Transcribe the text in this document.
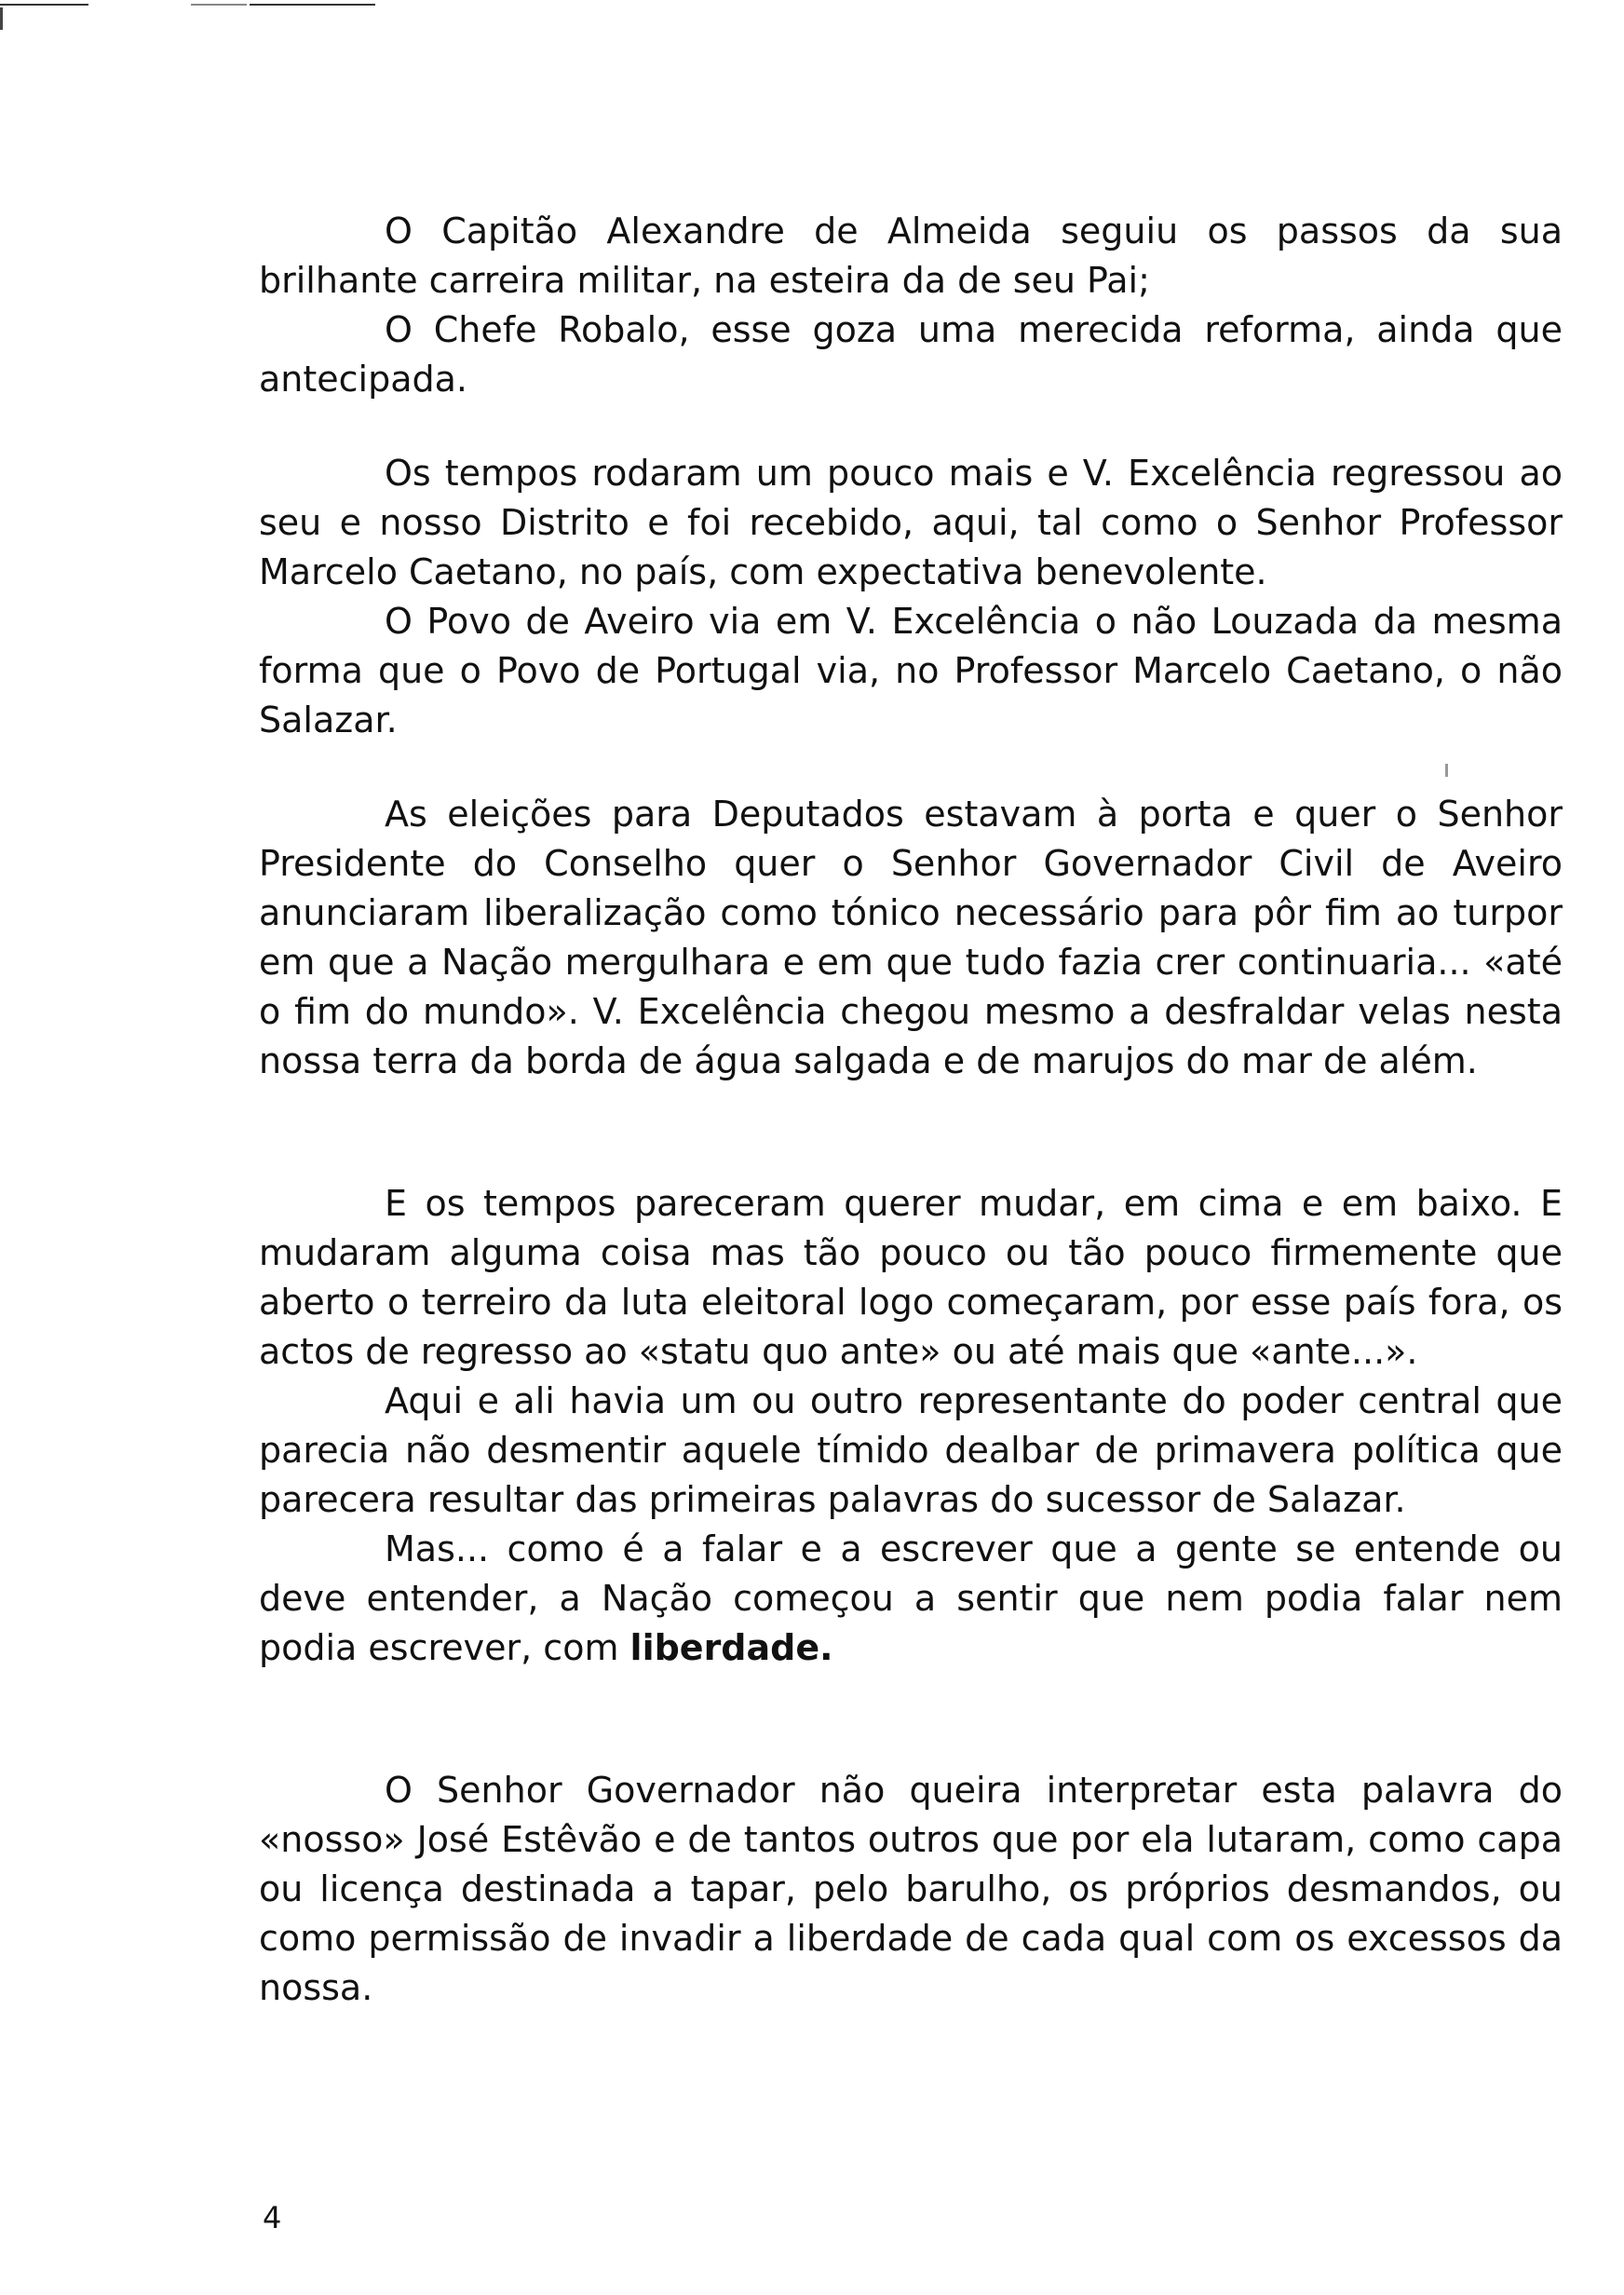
O Capitão Alexandre de Almeida seguiu os passos da sua brilhante carreira militar, na esteira da de seu Pai;

O Chefe Robalo, esse goza uma merecida reforma, ainda que antecipada.

Os tempos rodaram um pouco mais e V. Excelência regressou ao seu e nosso Distrito e foi recebido, aqui, tal como o Senhor Professor Marcelo Caetano, no país, com expectativa benevolente.

O Povo de Aveiro via em V. Excelência o não Louzada da mesma forma que o Povo de Portugal via, no Professor Marcelo Caetano, o não Salazar.

As eleições para Deputados estavam à porta e quer o Senhor Presidente do Conselho quer o Senhor Governador Civil de Aveiro anunciaram liberalização como tónico necessário para pôr fim ao turpor em que a Nação mergulhara e em que tudo fazia crer continuaria... «até o fim do mundo». V. Excelência chegou mesmo a desfraldar velas nesta nossa terra da borda de água salgada e de marujos do mar de além.

E os tempos pareceram querer mudar, em cima e em baixo. E mudaram alguma coisa mas tão pouco ou tão pouco firmemente que aberto o terreiro da luta eleitoral logo começaram, por esse país fora, os actos de regresso ao «statu quo ante» ou até mais que «ante...».

Aqui e ali havia um ou outro representante do poder central que parecia não desmentir aquele tímido dealbar de primavera política que parecera resultar das primeiras palavras do sucessor de Salazar.

Mas... como é a falar e a escrever que a gente se entende ou deve entender, a Nação começou a sentir que nem podia falar nem podia escrever, com liberdade.

O Senhor Governador não queira interpretar esta palavra do «nosso» José Estêvão e de tantos outros que por ela lutaram, como capa ou licença destinada a tapar, pelo barulho, os próprios desmandos, ou como permissão de invadir a liberdade de cada qual com os excessos da nossa.

4
